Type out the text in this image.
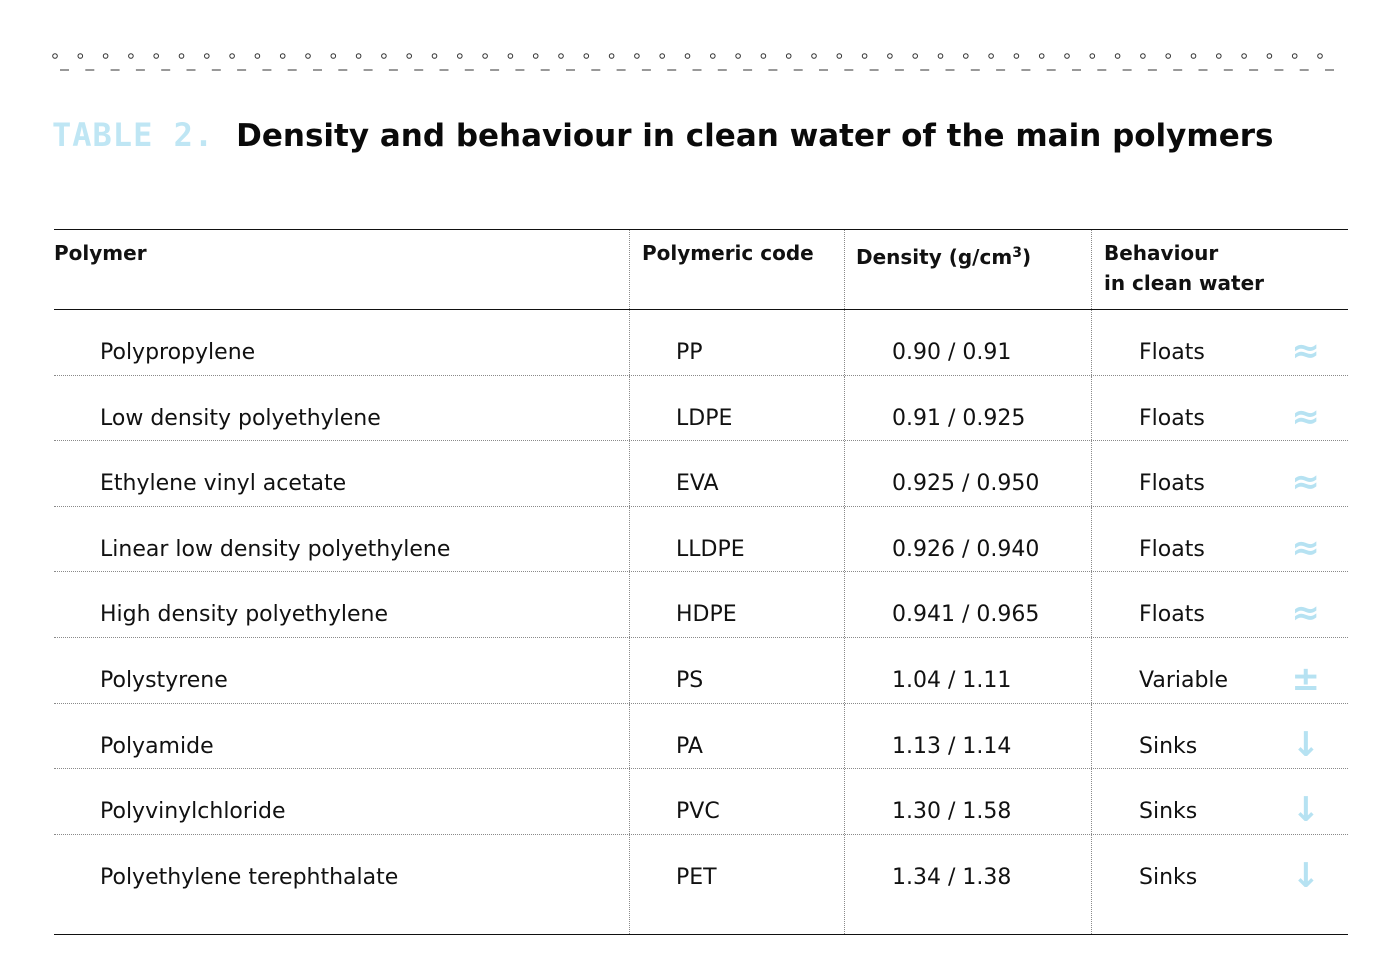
TABLE 2. Density and behaviour in clean water of the main polymers
Polymer	Polymeric code	Density $(g/cm^3)$	Behaviour
in clean water
Polypropylene	PP	0.90 / 0.91	Floats	≈
Low density polyethylene	LDPE	0.91 / 0.925	Floats	≈
Ethylene vinyl acetate	EVA	0.925 / 0.950	Floats	≈
Linear low density polyethylene	LLDPE	0.926 / 0.940	Floats	≈
High density polyethylene	HDPE	0.941 / 0.965	Floats	≈
Polystyrene	PS	1.04 / 1.11	Variable ±
Polyamide	PA	1.13 / 1.14	Sinks	↓
Polyvinylchloride	PVC	1.30 / 1.58	Sinks	↓
Polyethylene terephthalate	PET	1.34 / 1.38	Sinks	↓
